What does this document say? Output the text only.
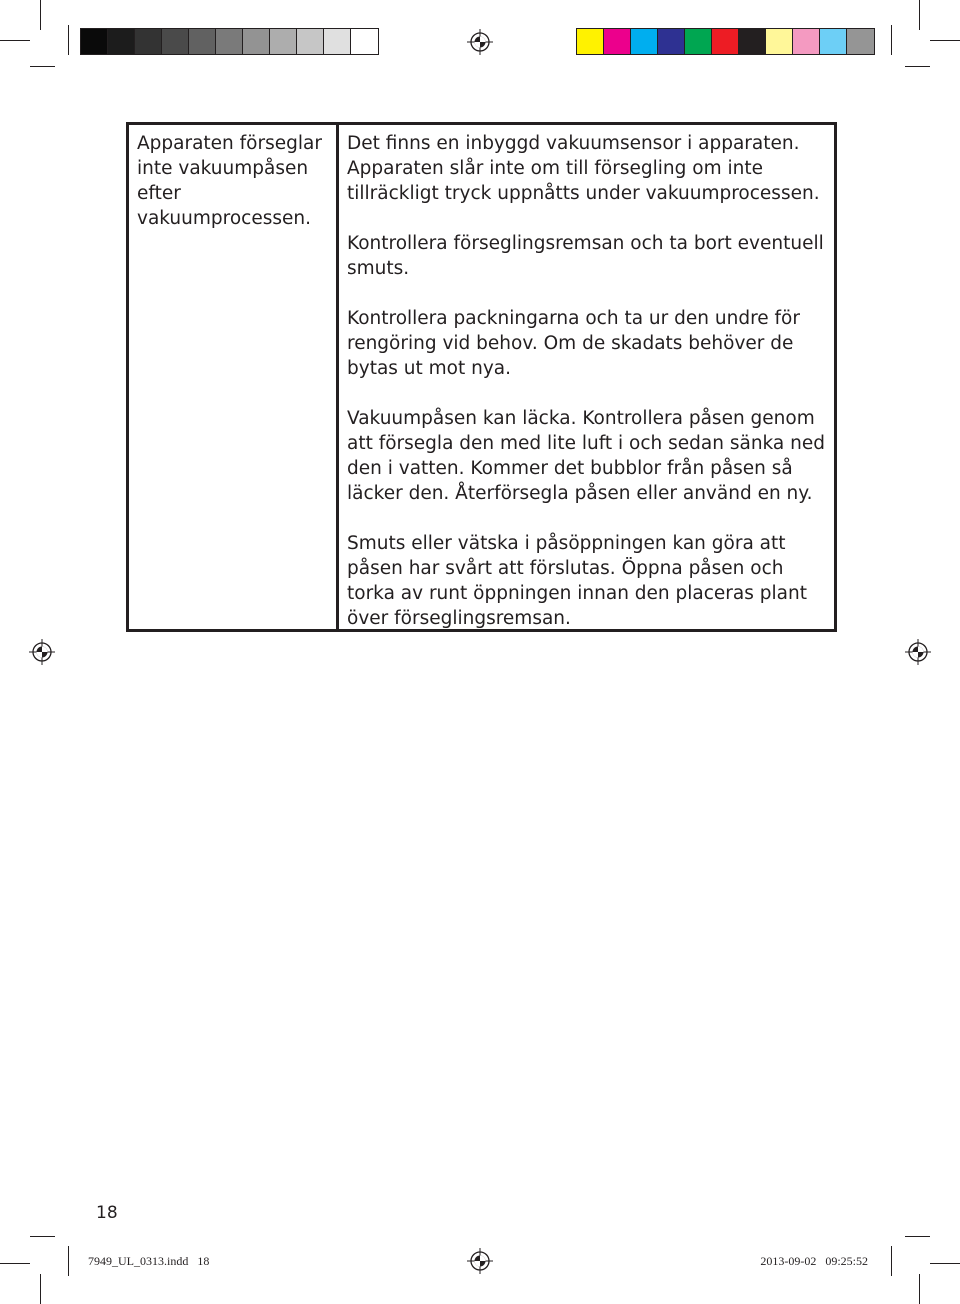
Apparaten förseglar inte vakuumpåsen efter vakuumprocessen.

Det finns en inbyggd vakuumsensor i apparaten. Apparaten slår inte om till försegling om inte tillräckligt tryck uppnåtts under vakuumprocessen.

Kontrollera förseglingsremsan och ta bort eventuell smuts.

Kontrollera packningarna och ta ur den undre för rengöring vid behov. Om de skadats behöver de bytas ut mot nya.

Vakuumpåsen kan läcka. Kontrollera påsen genom att försegla den med lite luft i och sedan sänka ned den i vatten. Kommer det bubblor från påsen så läcker den. Återförsegla påsen eller använd en ny.

Smuts eller vätska i påsöppningen kan göra att påsen har svårt att förslutas. Öppna påsen och torka av runt öppningen innan den placeras plant över förseglingsremsan.

18
7949_UL_0313.indd   18	2013-09-02   09:25:52
